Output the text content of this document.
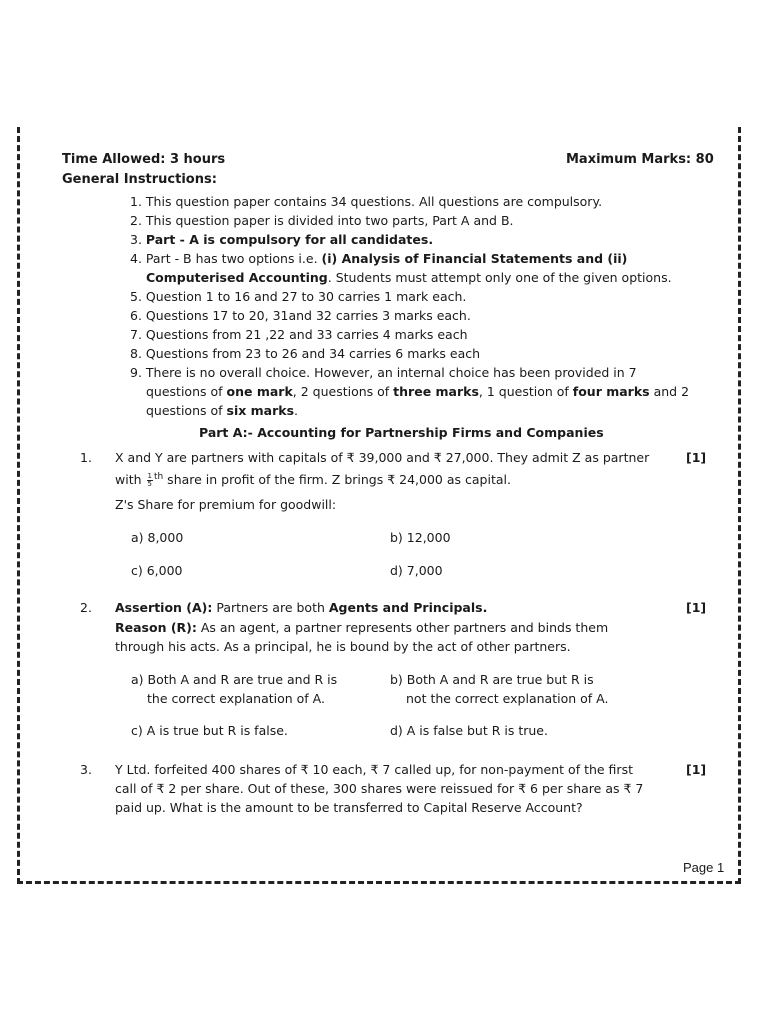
Time Allowed: 3 hours	Maximum Marks: 80
General Instructions:
1. This question paper contains 34 questions. All questions are compulsory.
2. This question paper is divided into two parts, Part A and B.
3. Part - A is compulsory for all candidates.
4. Part - B has two options i.e. (i) Analysis of Financial Statements and (ii)
Computerised Accounting. Students must attempt only one of the given options.
5. Question 1 to 16 and 27 to 30 carries 1 mark each.
6. Questions 17 to 20, 31and 32 carries 3 marks each.
7. Questions from 21 ,22 and 33 carries 4 marks each
8. Questions from 23 to 26 and 34 carries 6 marks each
9. There is no overall choice. However, an internal choice has been provided in 7
questions of one mark, 2 questions of three marks, 1 question of four marks and 2
questions of six marks.
Part A:- Accounting for Partnership Firms and Companies
1. X and Y are partners with capitals of ₹ 39,000 and ₹ 27,000. They admit Z as partner	[1]
with $\frac{1}{5} ^{th}$ share in profit of the firm. Z brings ₹ 24,000 as capital.
Z's Share for premium for goodwill:
a) 8,000	b) 12,000
c) 6,000	d) 7,000
2. Assertion (A): Partners are both Agents and Principals.	[1]
Reason (R): As an agent, a partner represents other partners and binds them
through his acts. As a principal, he is bound by the act of other partners.
a) Both A and R are true and R is
the correct explanation of A.
b) Both A and R are true but R is
not the correct explanation of A.
c) A is true but R is false.	d) A is false but R is true.
3. Y Ltd. forfeited 400 shares of ₹ 10 each, ₹ 7 called up, for non-payment of the first	[1]
call of ₹ 2 per share. Out of these, 300 shares were reissued for ₹ 6 per share as ₹ 7
paid up. What is the amount to be transferred to Capital Reserve Account?
Page 1
